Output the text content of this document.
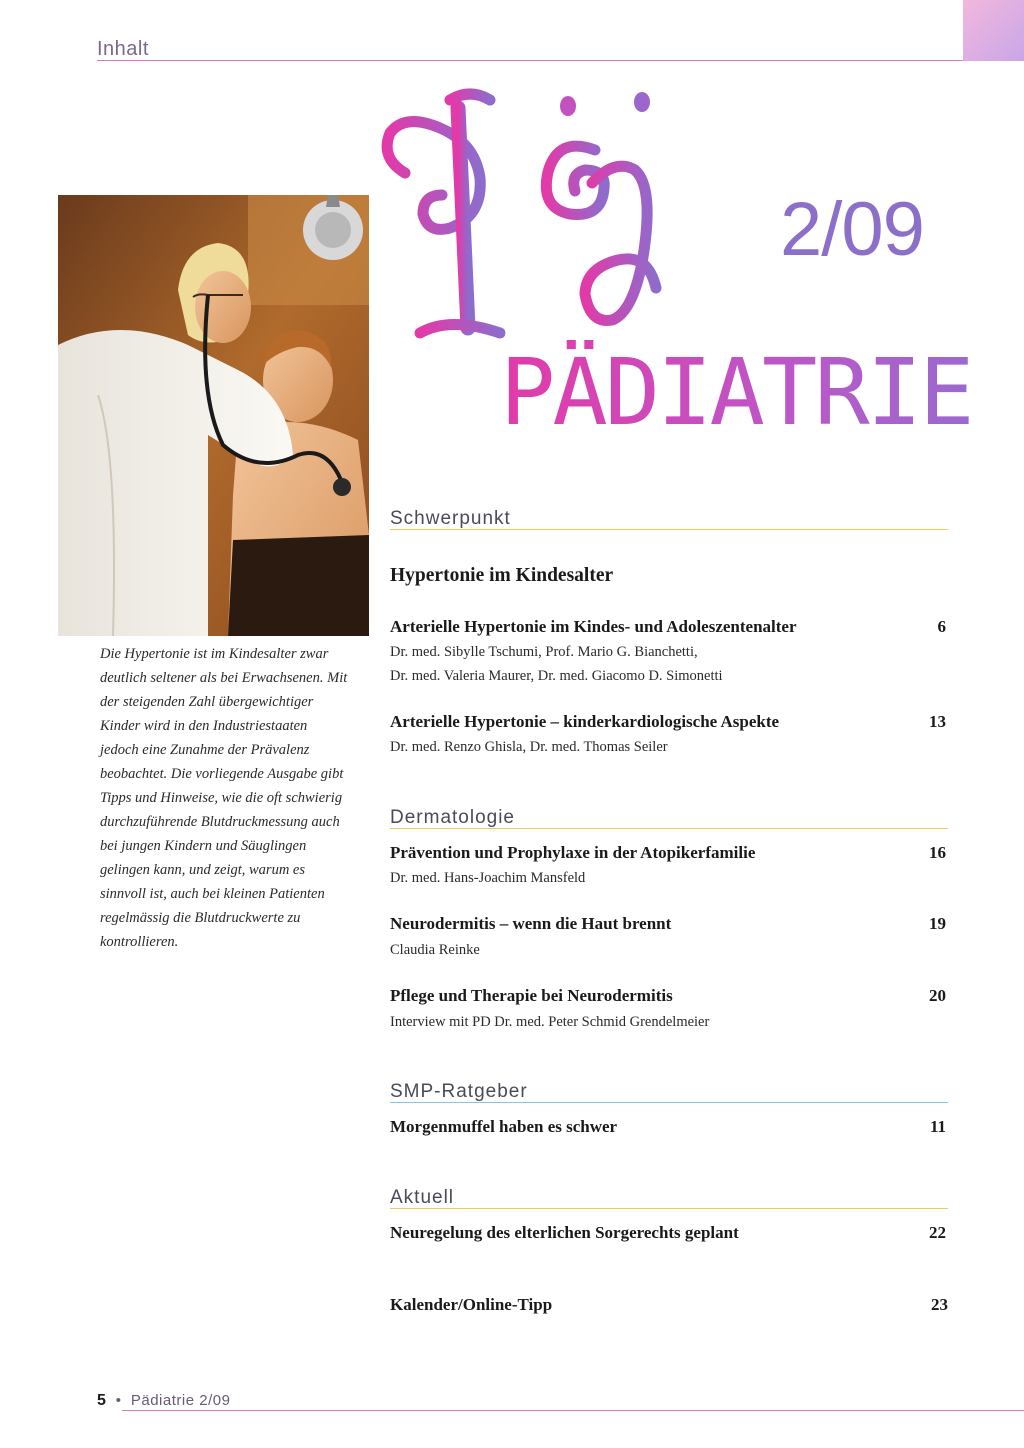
Inhalt
Die Hypertonie ist im Kindesalter zwar deutlich seltener als bei Erwachsenen. Mit der steigenden Zahl übergewichtiger Kinder wird in den Industriestaaten jedoch eine Zunahme der Prävalenz beobachtet. Die vorliegende Ausgabe gibt Tipps und Hinweise, wie die oft schwierig durchzuführende Blutdruckmessung auch bei jungen Kindern und Säuglingen gelingen kann, und zeigt, warum es sinnvoll ist, auch bei kleinen Patienten regelmässig die Blutdruckwerte zu kontrollieren.
2/09
PÄDIATRIE
Schwerpunkt
Hypertonie im Kindesalter
Arterielle Hypertonie im Kindes- und Adoleszentenalter	6
Dr. med. Sibylle Tschumi, Prof. Mario G. Bianchetti,
Dr. med. Valeria Maurer, Dr. med. Giacomo D. Simonetti
Arterielle Hypertonie – kinderkardiologische Aspekte	13
Dr. med. Renzo Ghisla, Dr. med. Thomas Seiler
Dermatologie
Prävention und Prophylaxe in der Atopikerfamilie	16
Dr. med. Hans-Joachim Mansfeld
Neurodermitis – wenn die Haut brennt	19
Claudia Reinke
Pflege und Therapie bei Neurodermitis	20
Interview mit PD Dr. med. Peter Schmid Grendelmeier
SMP-Ratgeber
Morgenmuffel haben es schwer	11
Aktuell
Neuregelung des elterlichen Sorgerechts geplant	22
Kalender/Online-Tipp	23
5 • Pädiatrie 2/09
